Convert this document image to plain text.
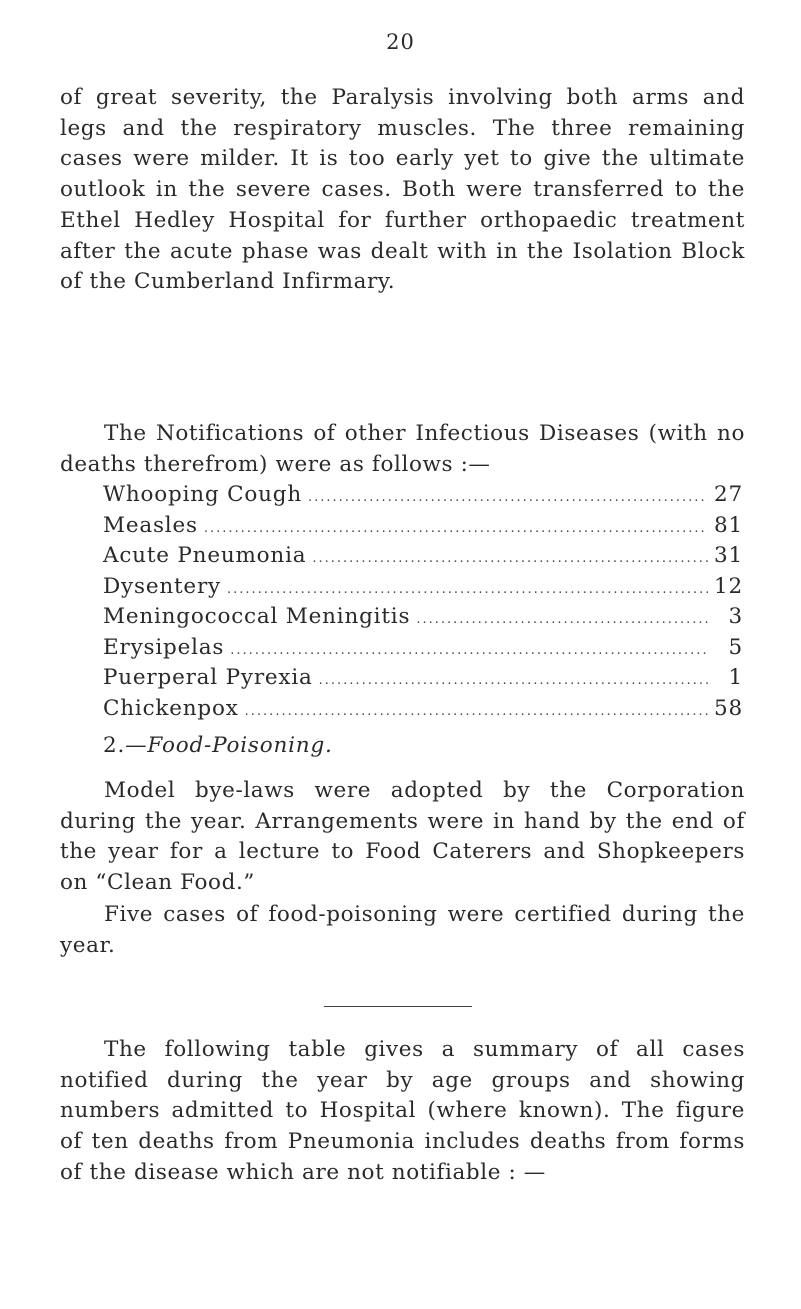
20

of great severity, the Paralysis involving both arms and legs and the respiratory muscles. The three remaining cases were milder. It is too early yet to give the ultimate outlook in the severe cases. Both were transferred to the Ethel Hedley Hospital for further orthopaedic treatment after the acute phase was dealt with in the Isolation Block of the Cumberland Infirmary.

The Notifications of other Infectious Diseases (with no deaths therefrom) were as follows :—

Whooping Cough .....	27
Measles .....	81
Acute Pneumonia .....	31
Dysentery .....	12
Meningococcal Meningitis .....	3
Erysipelas .....	5
Puerperal Pyrexia .....	1
Chickenpox .....	58
2.—Food-Poisoning.

Model bye-laws were adopted by the Corporation during the year. Arrangements were in hand by the end of the year for a lecture to Food Caterers and Shopkeepers on “Clean Food.”

Five cases of food-poisoning were certified during the year.

The following table gives a summary of all cases notified during the year by age groups and showing numbers admitted to Hospital (where known). The figure of ten deaths from Pneumonia includes deaths from forms of the disease which are not notifiable : —
